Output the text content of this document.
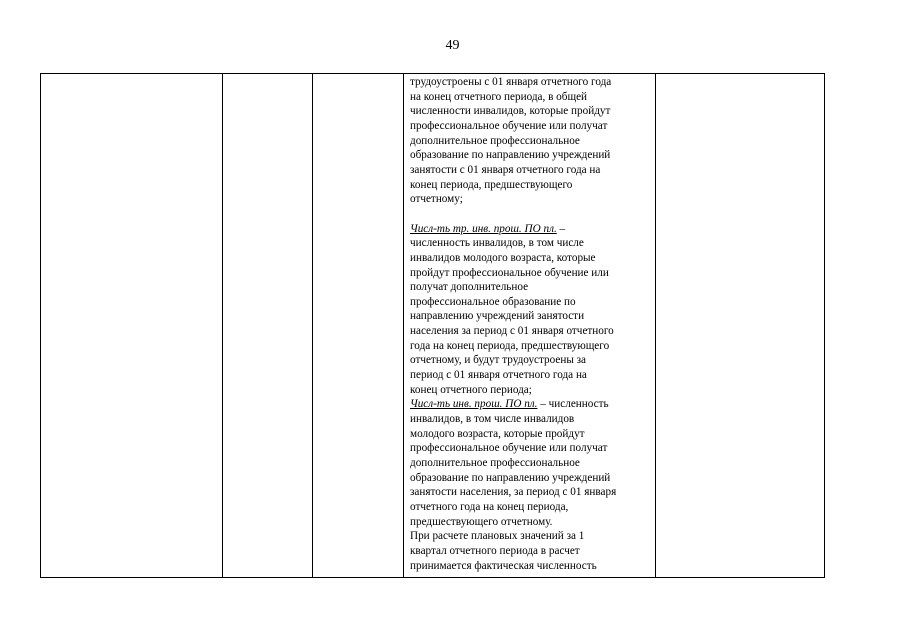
49

трудоустроены с 01 января отчетного года
на конец отчетного периода, в общей
численности инвалидов, которые пройдут
профессиональное обучение или получат
дополнительное профессиональное
образование по направлению учреждений
занятости с 01 января отчетного года на
конец периода, предшествующего
отчетному;
Числ-ть тр. инв. прош. ПО пл. –
численность инвалидов, в том числе
инвалидов молодого возраста, которые
пройдут профессиональное обучение или
получат дополнительное
профессиональное образование по
направлению учреждений занятости
населения за период с 01 января отчетного
года на конец периода, предшествующего
отчетному, и будут трудоустроены за
период с 01 января отчетного года на
конец отчетного периода;
Числ-ть инв. прош. ПО пл. – численность
инвалидов, в том числе инвалидов
молодого возраста, которые пройдут
профессиональное обучение или получат
дополнительное профессиональное
образование по направлению учреждений
занятости населения, за период с 01 января
отчетного года на конец периода,
предшествующего отчетному.
При расчете плановых значений за 1
квартал отчетного периода в расчет
принимается фактическая численность
